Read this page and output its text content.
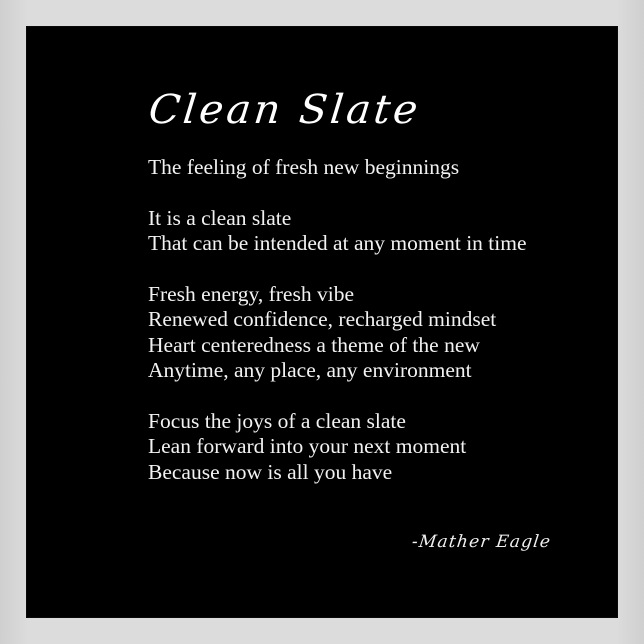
Clean Slate
The feeling of fresh new beginnings
It is a clean slate
That can be intended at any moment in time
Fresh energy, fresh vibe
Renewed confidence, recharged mindset
Heart centeredness a theme of the new
Anytime, any place, any environment
Focus the joys of a clean slate
Lean forward into your next moment
Because now is all you have
-Mather Eagle
